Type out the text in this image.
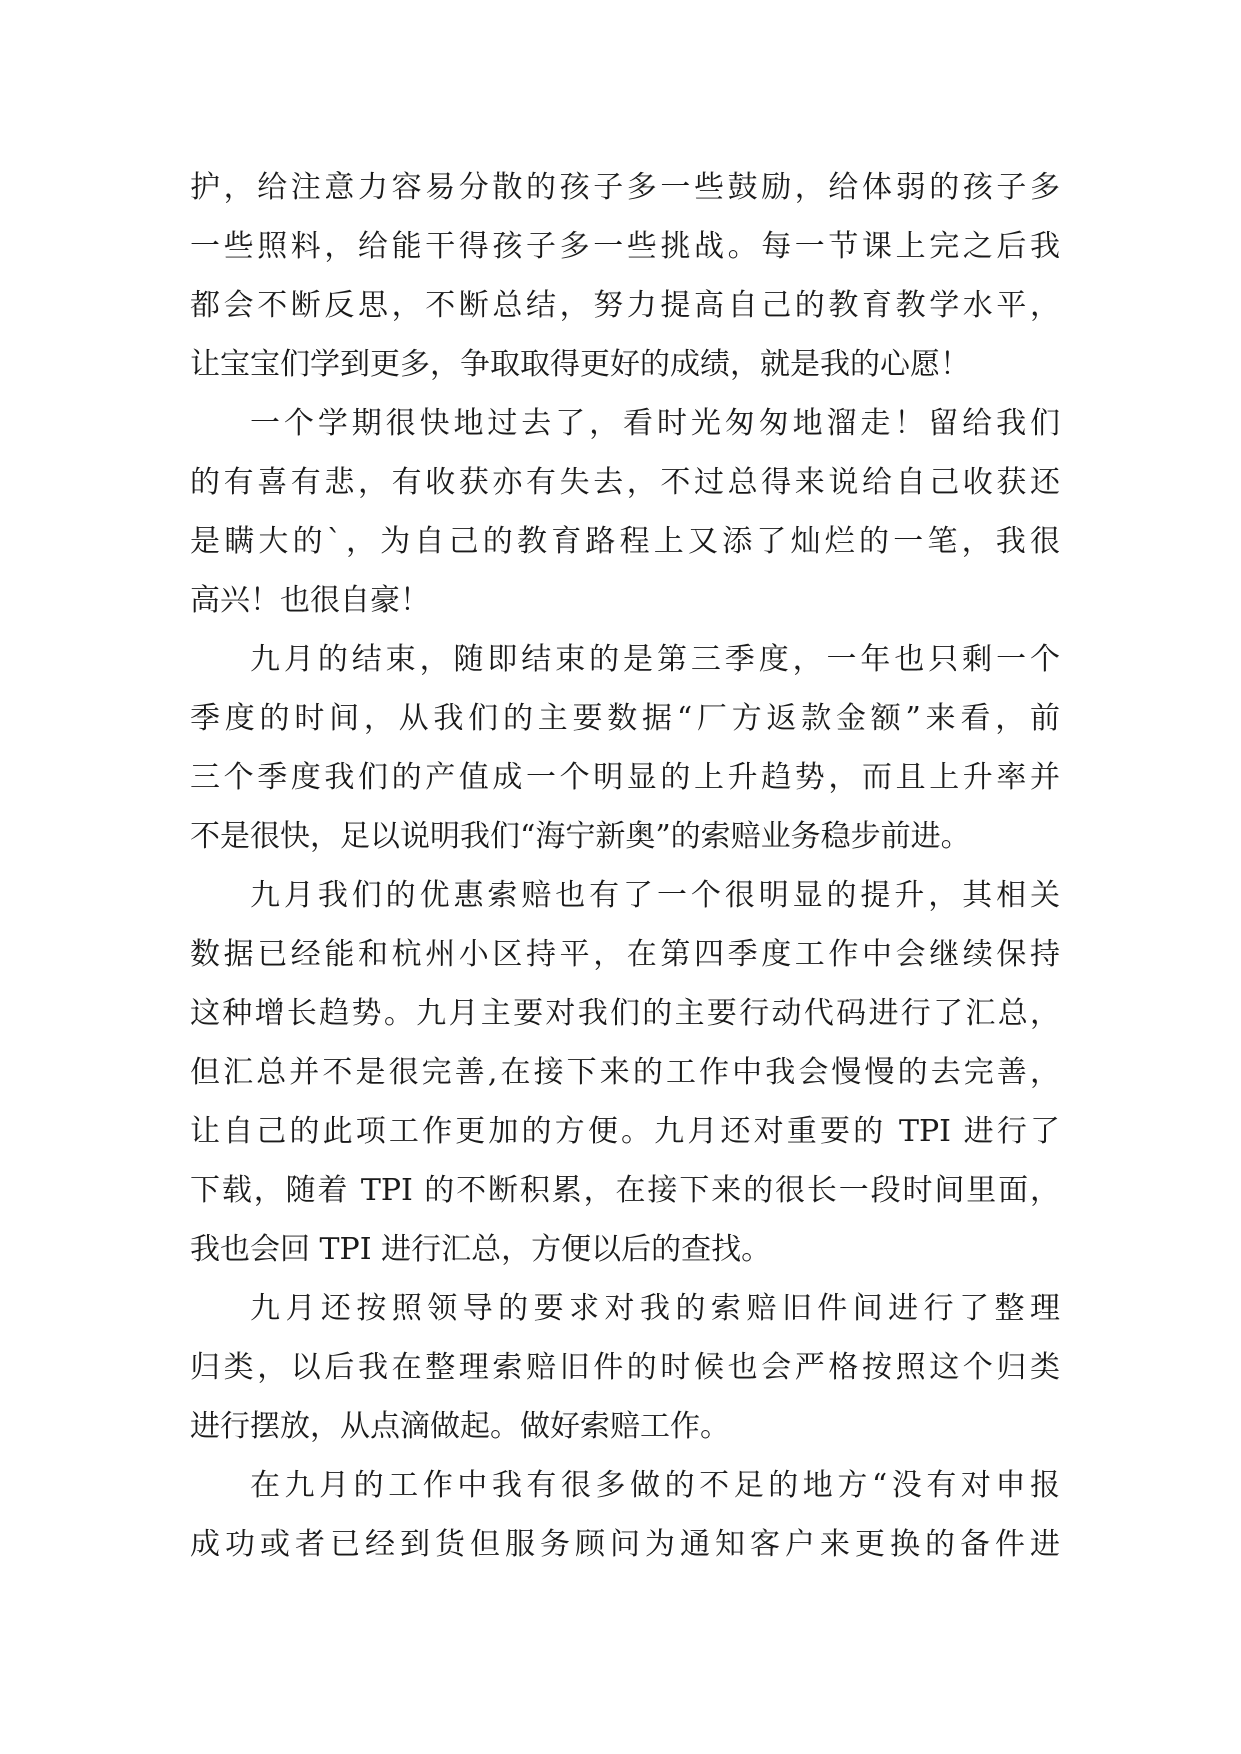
护，给注意力容易分散的孩子多一些鼓励，给体弱的孩子多
一些照料，给能干得孩子多一些挑战。每一节课上完之后我
都会不断反思，不断总结，努力提高自己的教育教学水平，
让宝宝们学到更多，争取取得更好的成绩，就是我的心愿！
一个学期很快地过去了，看时光匆匆地溜走！留给我们
的有喜有悲，有收获亦有失去，不过总得来说给自己收获还
是瞒大的`，为自己的教育路程上又添了灿烂的一笔，我很
高兴！也很自豪！
九月的结束，随即结束的是第三季度，一年也只剩一个
季度的时间，从我们的主要数据“厂方返款金额”来看，前
三个季度我们的产值成一个明显的上升趋势，而且上升率并
不是很快，足以说明我们“海宁新奥”的索赔业务稳步前进。
九月我们的优惠索赔也有了一个很明显的提升，其相关
数据已经能和杭州小区持平，在第四季度工作中会继续保持
这种增长趋势。九月主要对我们的主要行动代码进行了汇总，
但汇总并不是很完善,在接下来的工作中我会慢慢的去完善，
让自己的此项工作更加的方便。九月还对重要的 TPI 进行了
下载，随着 TPI 的不断积累，在接下来的很长一段时间里面，
我也会回 TPI 进行汇总，方便以后的查找。
九月还按照领导的要求对我的索赔旧件间进行了整理
归类，以后我在整理索赔旧件的时候也会严格按照这个归类
进行摆放，从点滴做起。做好索赔工作。
在九月的工作中我有很多做的不足的地方“没有对申报
成功或者已经到货但服务顾问为通知客户来更换的备件进
